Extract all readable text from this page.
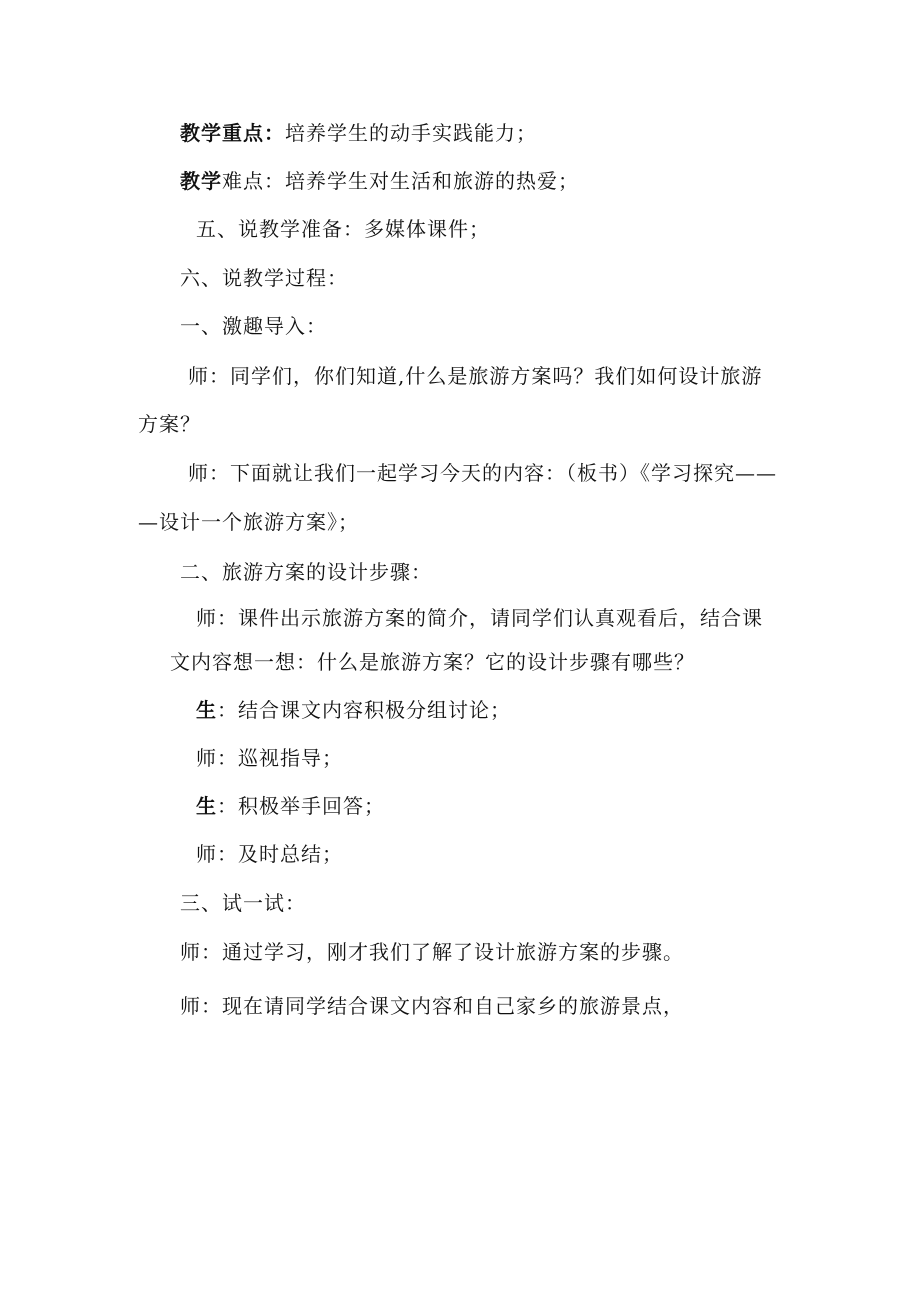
教学重点：培养学生的动手实践能力；
教学难点：培养学生对生活和旅游的热爱；
五、说教学准备：多媒体课件；
六、说教学过程：
一、激趣导入：
师：同学们，你们知道,什么是旅游方案吗？我们如何设计旅游
方案？
师：下面就让我们一起学习今天的内容：（板书）《学习探究——
—设计一个旅游方案》；
二、旅游方案的设计步骤：
师：课件出示旅游方案的简介，请同学们认真观看后，结合课
文内容想一想：什么是旅游方案？它的设计步骤有哪些？
生：结合课文内容积极分组讨论；
师：巡视指导；
生：积极举手回答；
师：及时总结；
三、试一试：
师：通过学习，刚才我们了解了设计旅游方案的步骤。
师：现在请同学结合课文内容和自己家乡的旅游景点，
